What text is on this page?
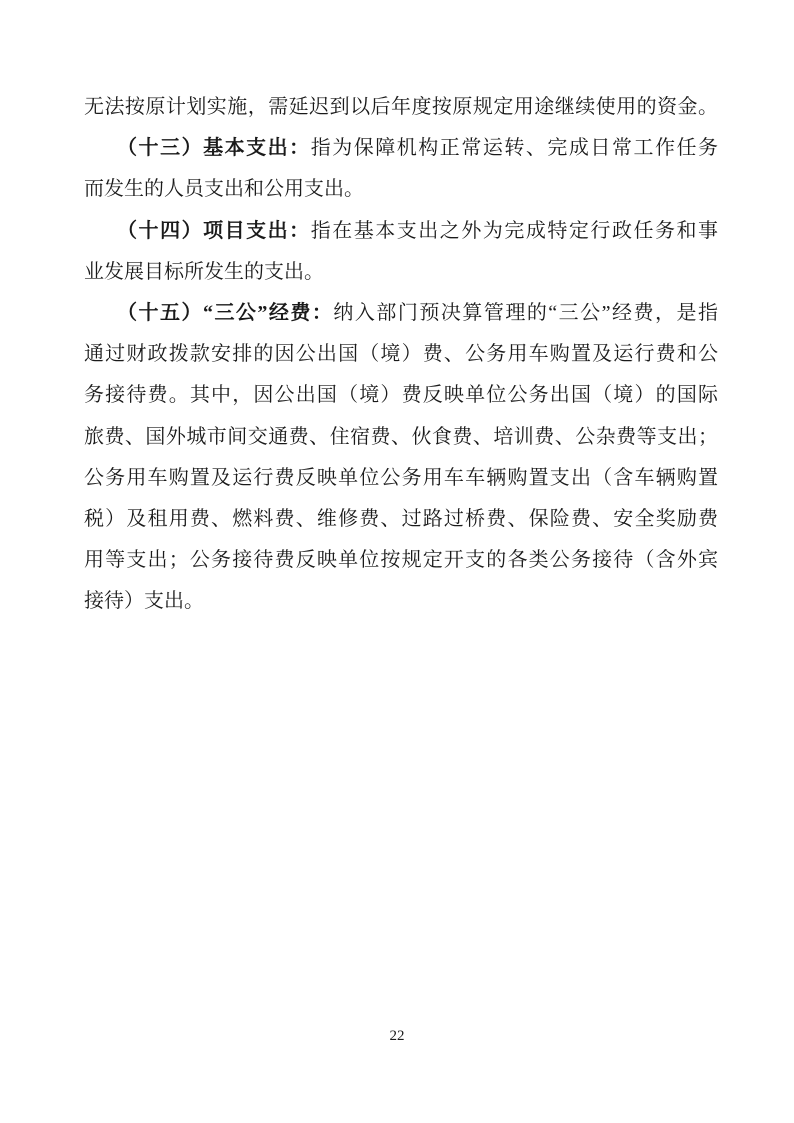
无法按原计划实施，需延迟到以后年度按原规定用途继续使用的资金。
　　（十三）基本支出：指为保障机构正常运转、完成日常工作任务
而发生的人员支出和公用支出。
　　（十四）项目支出：指在基本支出之外为完成特定行政任务和事
业发展目标所发生的支出。
　　（十五）“三公”经费：纳入部门预决算管理的“三公”经费，是指
通过财政拨款安排的因公出国（境）费、公务用车购置及运行费和公
务接待费。其中，因公出国（境）费反映单位公务出国（境）的国际
旅费、国外城市间交通费、住宿费、伙食费、培训费、公杂费等支出；
公务用车购置及运行费反映单位公务用车车辆购置支出（含车辆购置
税）及租用费、燃料费、维修费、过路过桥费、保险费、安全奖励费
用等支出；公务接待费反映单位按规定开支的各类公务接待（含外宾
接待）支出。
22
